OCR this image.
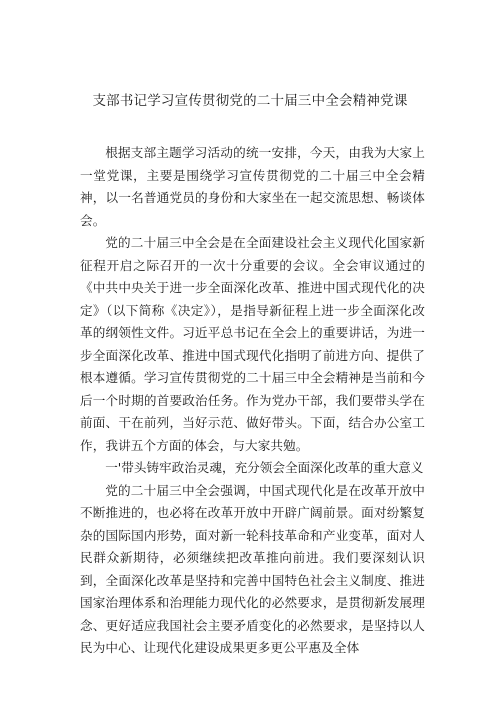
支部书记学习宣传贯彻党的二十届三中全会精神党课

根据支部主题学习活动的统一安排，今天，由我为大家上一堂党课，主要是围绕学习宣传贯彻党的二十届三中全会精神，以一名普通党员的身份和大家坐在一起交流思想、畅谈体会。

党的二十届三中全会是在全面建设社会主义现代化国家新征程开启之际召开的一次十分重要的会议。全会审议通过的《中共中央关于进一步全面深化改革、推进中国式现代化的决定》（以下简称《决定》），是指导新征程上进一步全面深化改革的纲领性文件。习近平总书记在全会上的重要讲话，为进一步全面深化改革、推进中国式现代化指明了前进方向、提供了根本遵循。学习宣传贯彻党的二十届三中全会精神是当前和今后一个时期的首要政治任务。作为党办干部，我们要带头学在前面、干在前列，当好示范、做好带头。下面，结合办公室工作，我讲五个方面的体会，与大家共勉。

一'带头铸牢政治灵魂，充分领会全面深化改革的重大意义

党的二十届三中全会强调，中国式现代化是在改革开放中不断推进的，也必将在改革开放中开辟广阔前景。面对纷繁复杂的国际国内形势，面对新一轮科技革命和产业变革，面对人民群众新期待，必须继续把改革推向前进。我们要深刻认识到，全面深化改革是坚持和完善中国特色社会主义制度、推进国家治理体系和治理能力现代化的必然要求，是贯彻新发展理念、更好适应我国社会主要矛盾变化的必然要求，是坚持以人民为中心、让现代化建设成果更多更公平惠及全体
